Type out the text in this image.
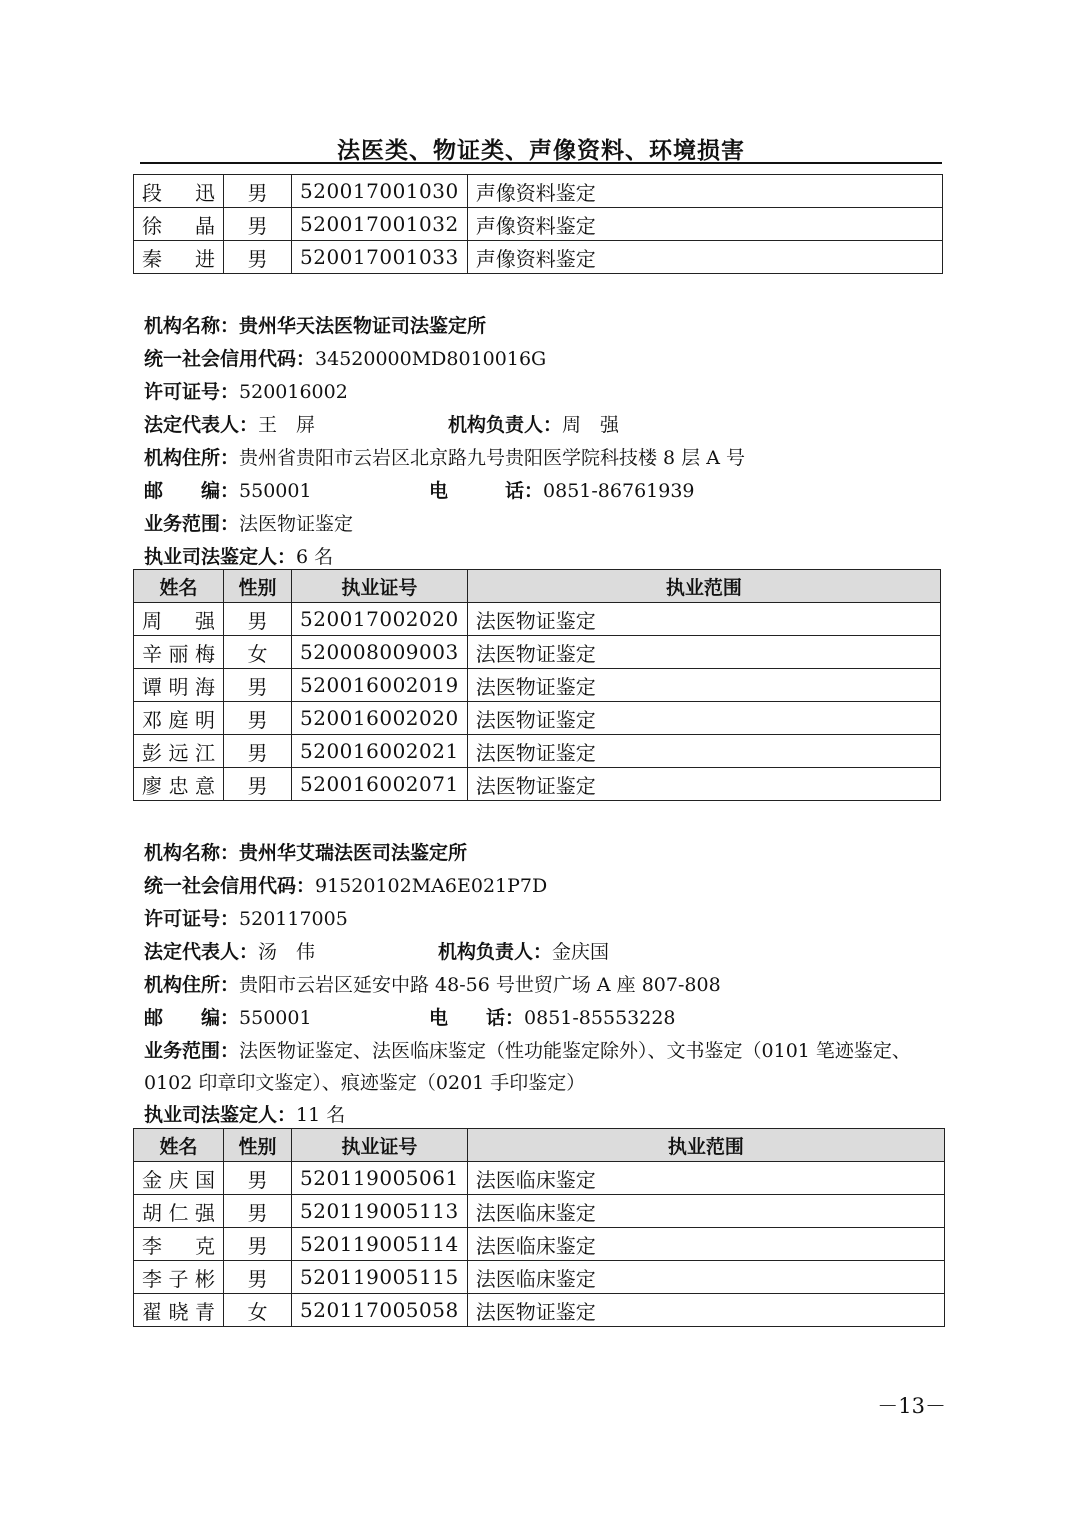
法医类、物证类、声像资料、环境损害
段　迅	男	520017001030	声像资料鉴定
徐　晶	男	520017001032	声像资料鉴定
秦　进	男	520017001033	声像资料鉴定
机构名称：贵州华天法医物证司法鉴定所
统一社会信用代码：34520000MD8010016G
许可证号：520016002
法定代表人：王　屏	机构负责人：周　强
机构住所：贵州省贵阳市云岩区北京路九号贵阳医学院科技楼 8 层 A 号
邮　　编：550001	电　　　话：0851-86761939
业务范围：法医物证鉴定
执业司法鉴定人：6 名
姓名	性别	执业证号	执业范围
周　强	男	520017002020	法医物证鉴定
辛丽梅	女	520008009003	法医物证鉴定
谭明海	男	520016002019	法医物证鉴定
邓庭明	男	520016002020	法医物证鉴定
彭远江	男	520016002021	法医物证鉴定
廖忠意	男	520016002071	法医物证鉴定
机构名称：贵州华艾瑞法医司法鉴定所
统一社会信用代码：91520102MA6E021P7D
许可证号：520117005
法定代表人：汤　伟	机构负责人：金庆国
机构住所：贵阳市云岩区延安中路 48-56 号世贸广场 A 座 807-808
邮　　编：550001	电　　话：0851-85553228
业务范围：法医物证鉴定、法医临床鉴定（性功能鉴定除外）、文书鉴定（0101 笔迹鉴定、0102 印章印文鉴定）、痕迹鉴定（0201 手印鉴定）
执业司法鉴定人：11 名
姓名	性别	执业证号	执业范围
金庆国	男	520119005061	法医临床鉴定
胡仁强	男	520119005113	法医临床鉴定
李　克	男	520119005114	法医临床鉴定
李子彬	男	520119005115	法医临床鉴定
翟晓青	女	520117005058	法医物证鉴定
－13－
